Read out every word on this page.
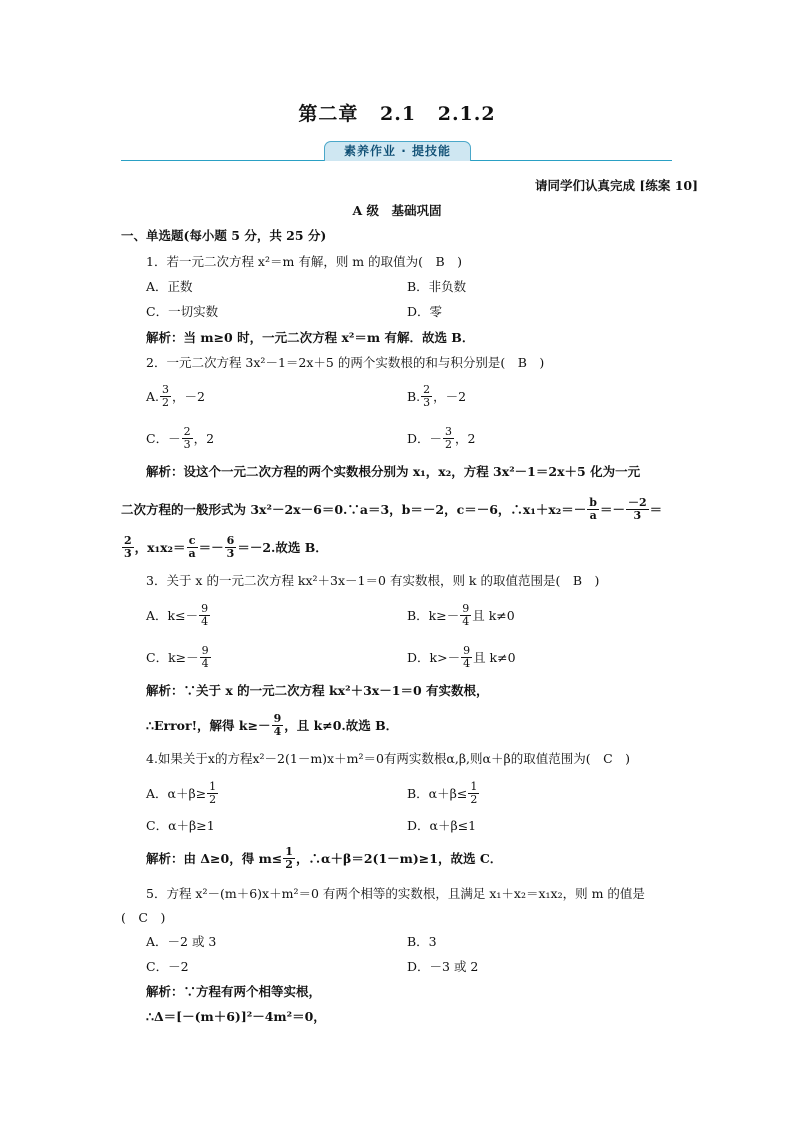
第二章 2.1 2.1.2
素养作业 · 提技能
请同学们认真完成 [练案 10]
A 级　基础巩固
一、单选题(每小题 5 分，共 25 分)
1．若一元二次方程 x²＝m 有解，则 m 的取值为(　B　)
A．正数	B．非负数
C．一切实数	D．零
解析：当 m≥0 时，一元二次方程 x²＝m 有解．故选 B．
2．一元二次方程 3x²－1＝2x＋5 的两个实数根的和与积分别是(　B　)
A. $\frac{3}{2}$ ，－2	B. $\frac{2}{3}$ ，－2
C．－ $\frac{2}{3}$ ，2	D．－ $\frac{3}{2}$ ，2
解析：设这个一元二次方程的两个实数根分别为 x₁，x₂，方程 3x²－1＝2x＋5 化为一元
二次方程的一般形式为 3x²－2x－6＝0.∵a＝3，b＝－2，c＝－6，∴x₁＋x₂＝－ $\frac{b}{a} =- \frac{-2}{3}$ ＝
$\frac{2}{3}$ ，$x_1x_2= \frac{c}{a} =- \frac{6}{3} =-2$.故选 B．
3．关于 x 的一元二次方程 kx²＋3x－1＝0 有实数根，则 k 的取值范围是(　B　)
A．$k\le- \frac{9}{4}$	B．$k\ge- \frac{9}{4}$ 且 k≠0
C．$k\ge- \frac{9}{4}$	D．$k>- \frac{9}{4}$ 且 k≠0
解析：∵关于 x 的一元二次方程 kx²＋3x－1＝0 有实数根，
∴Error!，解得 $k\ge- \frac{9}{4}$ ，且 k≠0.故选 B．
4.如果关于x的方程x²－2(1－m)x＋m²＝0有两实数根α,β,则α＋β的取值范围为(　C　)
A．$\alpha+\beta\ge \frac{1}{2}$	B．$\alpha+\beta\le \frac{1}{2}$
C．α＋β≥1	D．α＋β≤1
解析：由 Δ≥0，得 $m\le \frac{1}{2}$ ，∴α＋β＝2(1－m)≥1，故选 C．
5．方程 x²－(m＋6)x＋m²＝0 有两个相等的实数根，且满足 x₁＋x₂＝x₁x₂，则 m 的值是
(　C　)
A．－2 或 3	B．3
C．－2	D．－3 或 2
解析：∵方程有两个相等实根，
∴Δ＝[－(m＋6)]²－4m²＝0，
